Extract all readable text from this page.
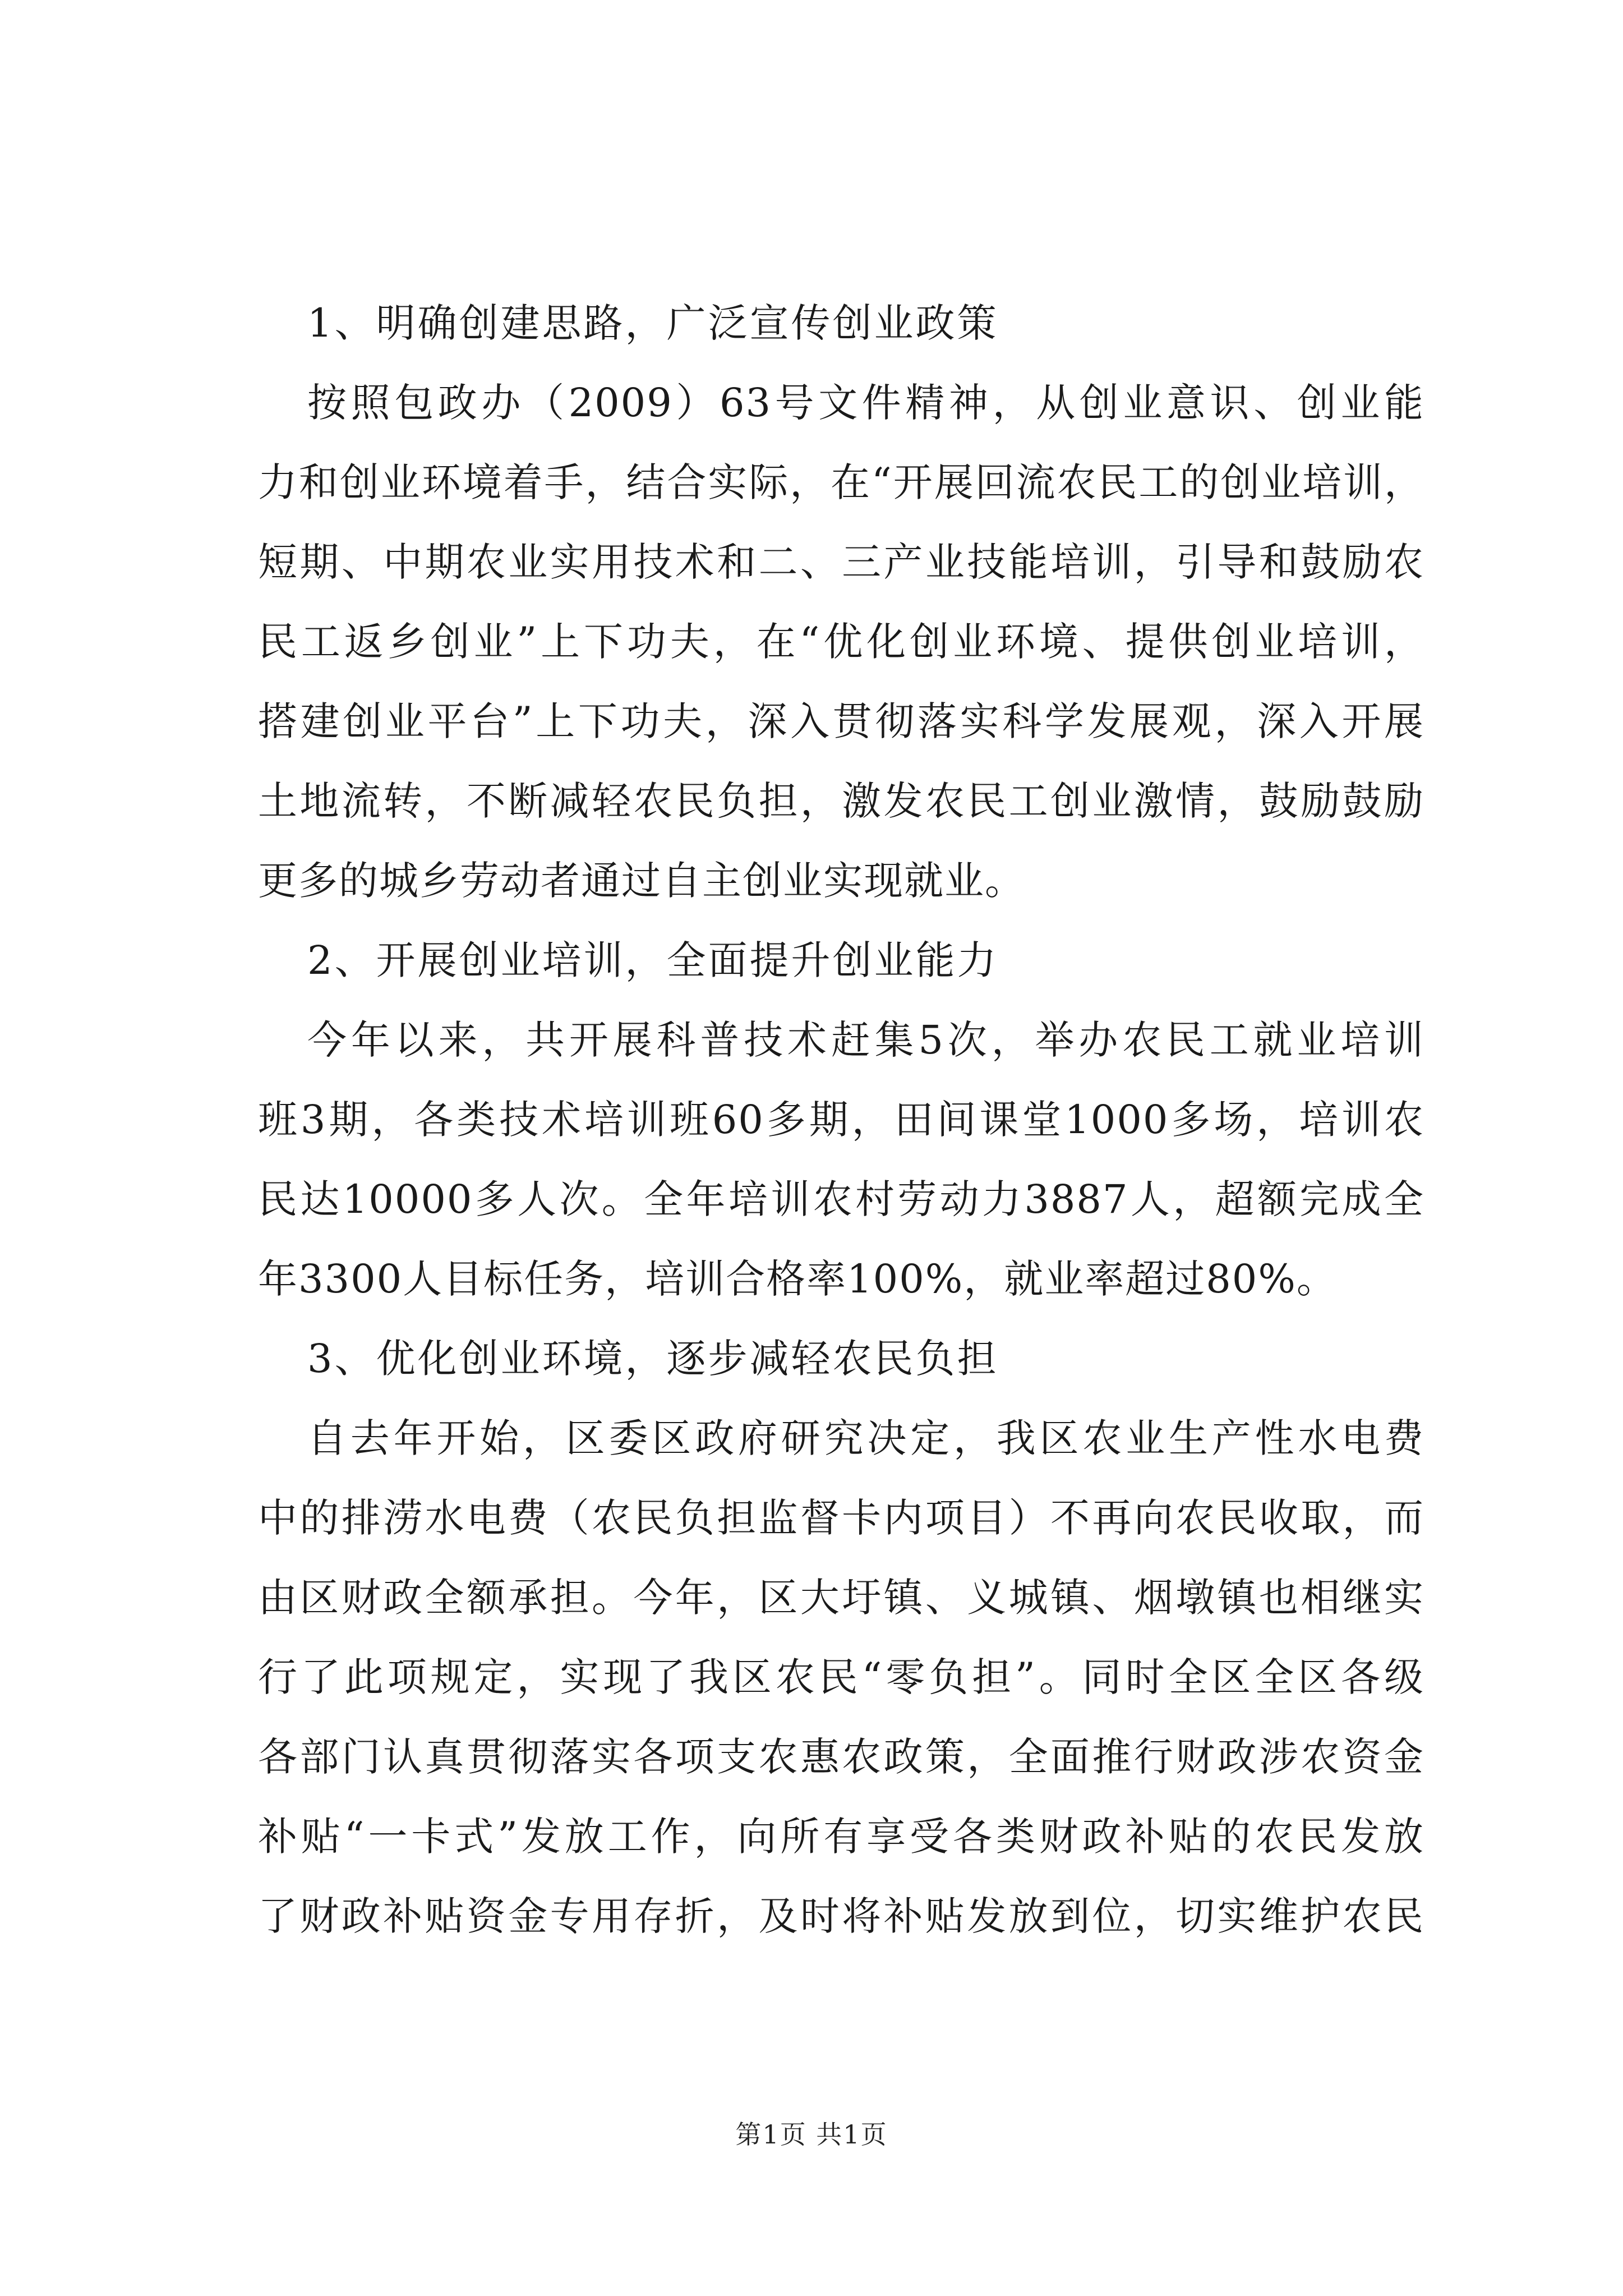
1、明确创建思路，广泛宣传创业政策
按照包政办（2009）63号文件精神，从创业意识、创业能
力和创业环境着手，结合实际，在“开展回流农民工的创业培训，
短期、中期农业实用技术和二、三产业技能培训，引导和鼓励农
民工返乡创业”上下功夫，在“优化创业环境、提供创业培训，
搭建创业平台”上下功夫，深入贯彻落实科学发展观，深入开展
土地流转，不断减轻农民负担，激发农民工创业激情，鼓励鼓励
更多的城乡劳动者通过自主创业实现就业。
2、开展创业培训，全面提升创业能力
今年以来，共开展科普技术赶集5次，举办农民工就业培训
班3期，各类技术培训班60多期，田间课堂1000多场，培训农
民达10000多人次。全年培训农村劳动力3887人，超额完成全
年3300人目标任务，培训合格率100%，就业率超过80%。
3、优化创业环境，逐步减轻农民负担
自去年开始，区委区政府研究决定，我区农业生产性水电费
中的排涝水电费（农民负担监督卡内项目）不再向农民收取，而
由区财政全额承担。今年，区大圩镇、义城镇、烟墩镇也相继实
行了此项规定，实现了我区农民“零负担”。同时全区全区各级
各部门认真贯彻落实各项支农惠农政策，全面推行财政涉农资金
补贴“一卡式”发放工作，向所有享受各类财政补贴的农民发放
了财政补贴资金专用存折，及时将补贴发放到位，切实维护农民
第1页 共1页
